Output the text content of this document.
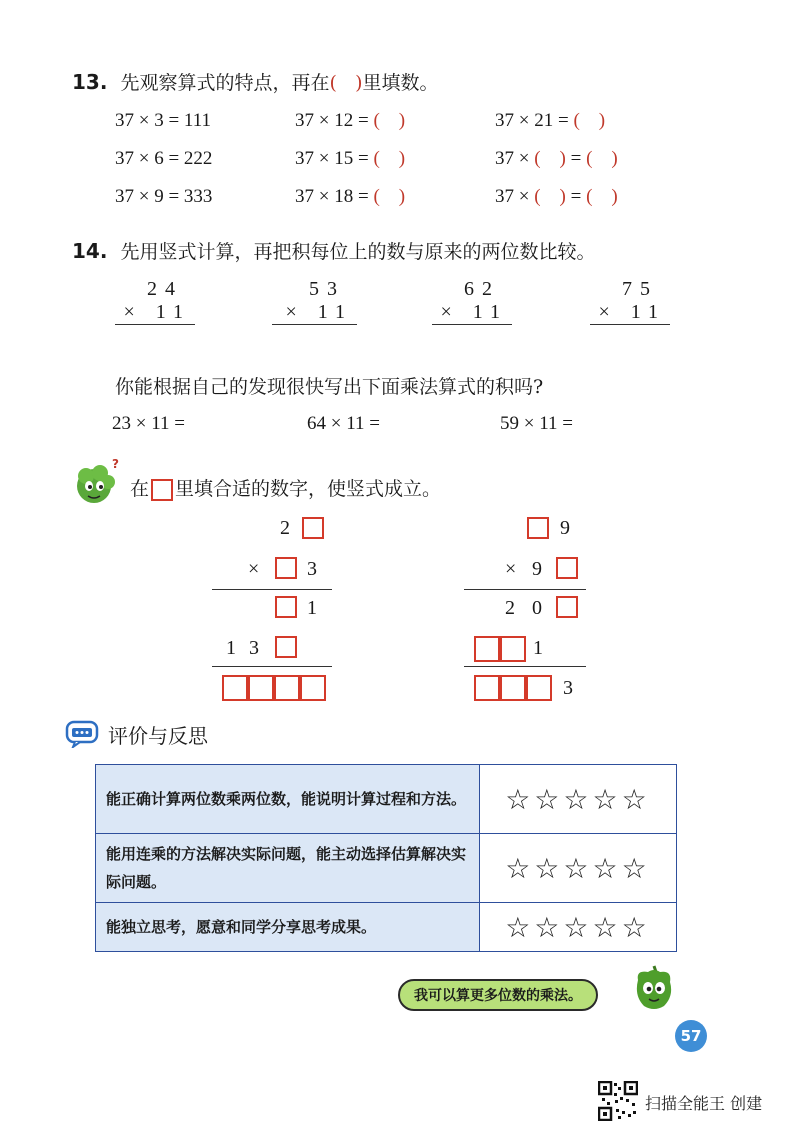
13. 先观察算式的特点，再在(   )里填数。
37 × 3 = 111	37 × 12 = (    )	37 × 21 = (    )
37 × 6 = 222	37 × 15 = (    )	37 × (    ) = (    )
37 × 9 = 333	37 × 18 = (    )	37 × (    ) = (    )
14. 先用竖式计算，再把积每位上的数与原来的两位数比较。
24
× 11
53
× 11
62
× 11
75
× 11
你能根据自己的发现很快写出下面乘法算式的积吗?
23 × 11 =	64 × 11 =	59 × 11 =
?
在 里填合适的数字，使竖式成立。
2
× 3
1
1 3
9
× 9
2 0
1
3
评价与反思
能正确计算两位数乘两位数，能说明计算过程和方法。	☆☆☆☆☆
能用连乘的方法解决实际问题，能主动选择估算解决实际问题。	☆☆☆☆☆
能独立思考，愿意和同学分享思考成果。	☆☆☆☆☆
我可以算更多位数的乘法。
57
扫描全能王 创建
